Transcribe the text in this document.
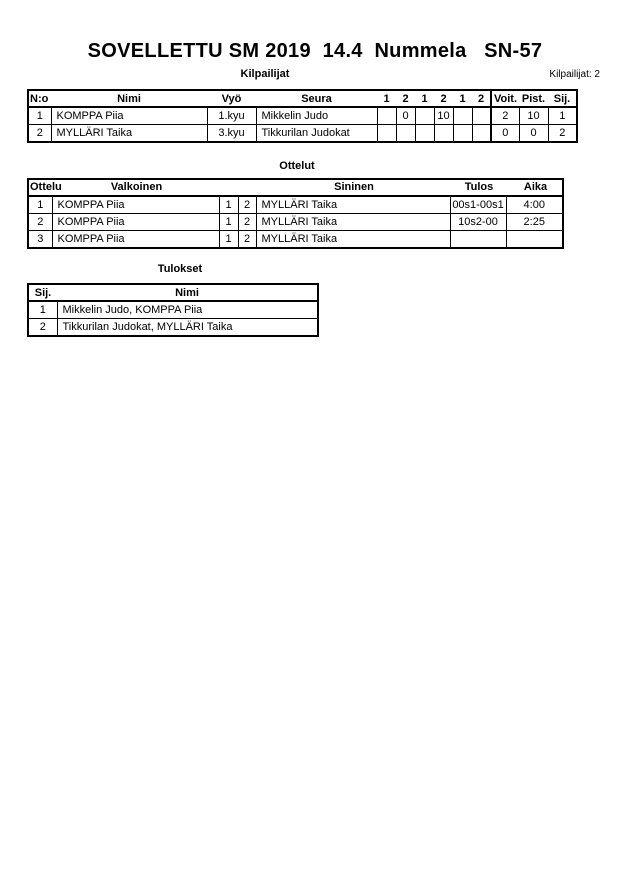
SOVELLETTU SM 2019  14.4  Nummela   SN-57
Kilpailijat	Kilpailijat: 2
N:o	Nimi	Vyö	Seura	1	2	1	2	1	2	Voit.	Pist.	Sij.
1	KOMPPA Piia	1.kyu	Mikkelin Judo		0		10			2	10	1
2	MYLLÄRI Taika	3.kyu	Tikkurilan Judokat							0	0	2
Ottelut
Ottelu Valkoinen Sininen Tulos Aika						

1	KOMPPA Piia	1	2	MYLLÄRI Taika	00s1-00s1	4:00
2	KOMPPA Piia	1	2	MYLLÄRI Taika	10s2-00	2:25
3	KOMPPA Piia	1	2	MYLLÄRI Taika		
Tulokset
Sij.	Nimi
1	Mikkelin Judo, KOMPPA Piia
2	Tikkurilan Judokat, MYLLÄRI Taika
